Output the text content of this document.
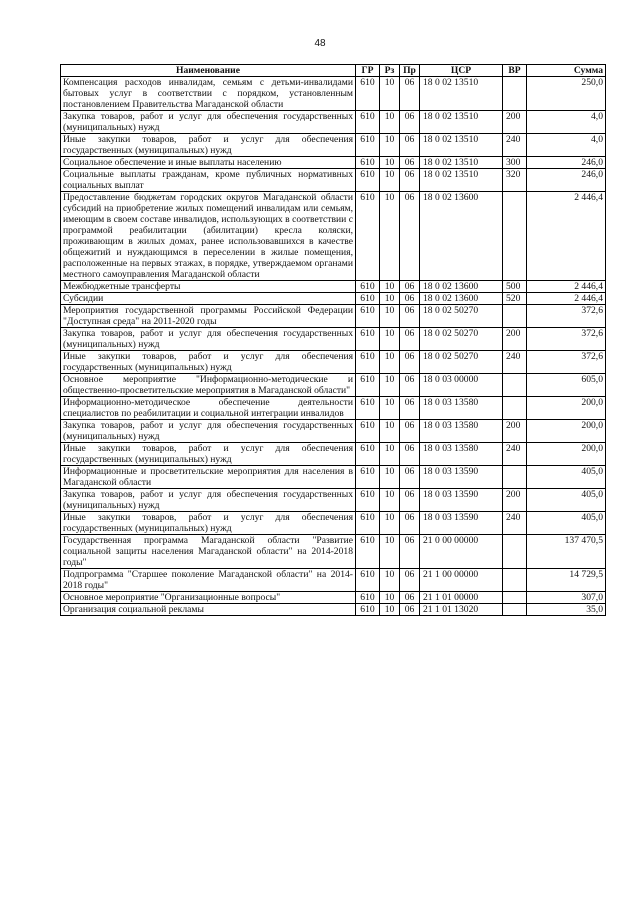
48
Наименование	ГР	Рз	Пр	ЦСР	ВР	Сумма
Компенсация расходов инвалидам, семьям с детьми-инвалидами бытовых услуг в соответствии с порядком, установленным постановлением Правительства Магаданской области	610	10	06	18 0 02 13510		250,0
Закупка товаров, работ и услуг для обеспечения государственных (муниципальных) нужд	610	10	06	18 0 02 13510	200	4,0
Иные закупки товаров, работ и услуг для обеспечения государственных (муниципальных) нужд	610	10	06	18 0 02 13510	240	4,0
Социальное обеспечение и иные выплаты населению	610	10	06	18 0 02 13510	300	246,0
Социальные выплаты гражданам, кроме публичных нормативных социальных выплат	610	10	06	18 0 02 13510	320	246,0
Предоставление бюджетам городских округов Магаданской области субсидий на приобретение жилых помещений инвалидам или семьям, имеющим в своем составе инвалидов, использующих в соответствии с программой реабилитации (абилитации) кресла коляски, проживающим в жилых домах, ранее использовавшихся в качестве общежитий и нуждающимся в переселении в жилые помещения, расположенные на первых этажах, в порядке, утверждаемом органами местного самоуправления Магаданской области	610	10	06	18 0 02 13600		2 446,4
Межбюджетные трансферты	610	10	06	18 0 02 13600	500	2 446,4
Субсидии	610	10	06	18 0 02 13600	520	2 446,4
Мероприятия государственной программы Российской Федерации "Доступная среда" на 2011-2020 годы	610	10	06	18 0 02 50270		372,6
Закупка товаров, работ и услуг для обеспечения государственных (муниципальных) нужд	610	10	06	18 0 02 50270	200	372,6
Иные закупки товаров, работ и услуг для обеспечения государственных (муниципальных) нужд	610	10	06	18 0 02 50270	240	372,6
Основное мероприятие "Информационно-методические и общественно-просветительские мероприятия в Магаданской области"	610	10	06	18 0 03 00000		605,0
Информационно-методическое обеспечение деятельности специалистов по реабилитации и социальной интеграции инвалидов	610	10	06	18 0 03 13580		200,0
Закупка товаров, работ и услуг для обеспечения государственных (муниципальных) нужд	610	10	06	18 0 03 13580	200	200,0
Иные закупки товаров, работ и услуг для обеспечения государственных (муниципальных) нужд	610	10	06	18 0 03 13580	240	200,0
Информационные и просветительские мероприятия для населения в Магаданской области	610	10	06	18 0 03 13590		405,0
Закупка товаров, работ и услуг для обеспечения государственных (муниципальных) нужд	610	10	06	18 0 03 13590	200	405,0
Иные закупки товаров, работ и услуг для обеспечения государственных (муниципальных) нужд	610	10	06	18 0 03 13590	240	405,0
Государственная программа Магаданской области "Развитие социальной защиты населения Магаданской области" на 2014-2018 годы"	610	10	06	21 0 00 00000		137 470,5
Подпрограмма "Старшее поколение Магаданской области" на 2014-2018 годы"	610	10	06	21 1 00 00000		14 729,5
Основное мероприятие "Организационные вопросы"	610	10	06	21 1 01 00000		307,0
Организация социальной рекламы	610	10	06	21 1 01 13020		35,0
